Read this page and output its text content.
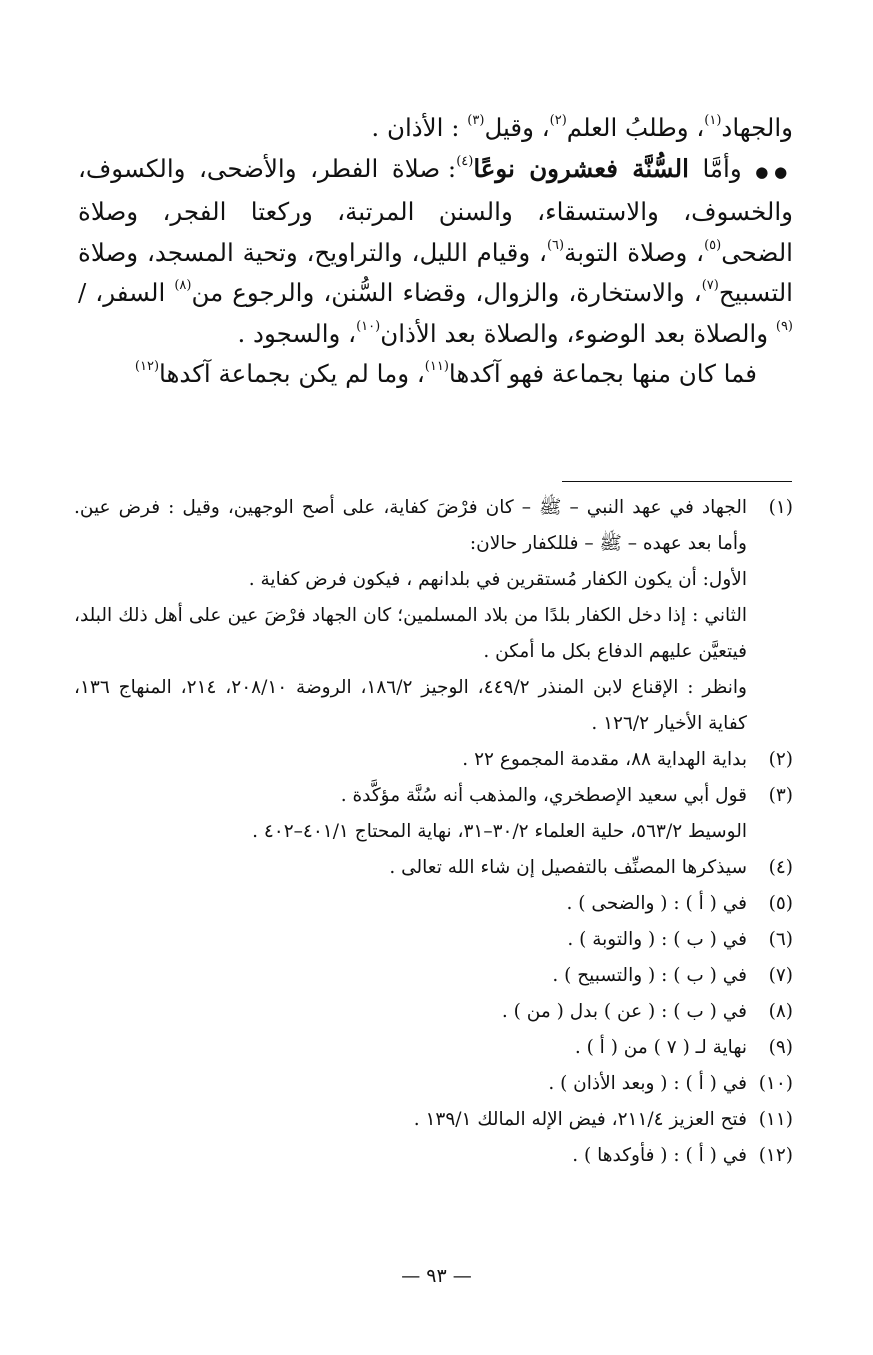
والجهاد$^{(١)}$، وطلبُ العلم$^{(٢)}$، وقيل$^{(٣)}$ : الأذان .

●● وأمَّا السُّنَّة فعشرون نوعًا$^{(٤)}$: صلاة الفطر، والأضحى، والكسوف، والخسوف، والاستسقاء، والسنن المرتبة، وركعتا الفجر، وصلاة الضحى$^{(٥)}$، وصلاة التوبة$^{(٦)}$، وقيام الليل، والتراويح، وتحية المسجد، وصلاة التسبيح$^{(٧)}$، والاستخارة، والزوال، وقضاء السُّنن، والرجوع من$^{(٨)}$ السفر، / $^{(٩)}$ والصلاة بعد الوضوء، والصلاة بعد الأذان$^{(١٠)}$، والسجود .

فما كان منها بجماعة فهو آكدها$^{(١١)}$، وما لم يكن بجماعة آكدها$^{(١٢)}$

(١)

الجهاد في عهد النبي – ﷺ – كان فرْضَ كفاية، على أصح الوجهين، وقيل : فرض عين. وأما بعد عهده – ﷺ – فللكفار حالان:

الأول: أن يكون الكفار مُستقرين في بلدانهم ، فيكون فرض كفاية .

الثاني : إذا دخل الكفار بلدًا من بلاد المسلمين؛ كان الجهاد فرْضَ عين على أهل ذلك البلد، فيتعيَّن عليهم الدفاع بكل ما أمكن .

وانظر : الإقناع لابن المنذر ٤٤٩/٢، الوجيز ١٨٦/٢، الروضة ٢٠٨/١٠، ٢١٤، المنهاج ١٣٦، كفاية الأخيار ١٢٦/٢ .

(٢)

بداية الهداية ٨٨، مقدمة المجموع ٢٢ .

(٣)

قول أبي سعيد الإصطخري، والمذهب أنه سُنَّة مؤكَّدة .

الوسيط ٥٦٣/٢، حلية العلماء ٣٠/٢–٣١، نهاية المحتاج ٤٠١/١–٤٠٢ .

(٤)

سيذكرها المصنِّف بالتفصيل إن شاء الله تعالى .

(٥)

في ( أ ) : ( والضحى ) .

(٦)

في ( ب ) : ( والتوبة ) .

(٧)

في ( ب ) : ( والتسبيح ) .

(٨)

في ( ب ) : ( عن ) بدل ( من ) .

(٩)

نهاية لـ ( ٧ ) من ( أ ) .

(١٠)

في ( أ ) : ( وبعد الأذان ) .

(١١)

فتح العزيز ٢١١/٤، فيض الإله المالك ١٣٩/١ .

(١٢)

في ( أ ) : ( فأوكدها ) .

— ٩٣ —
